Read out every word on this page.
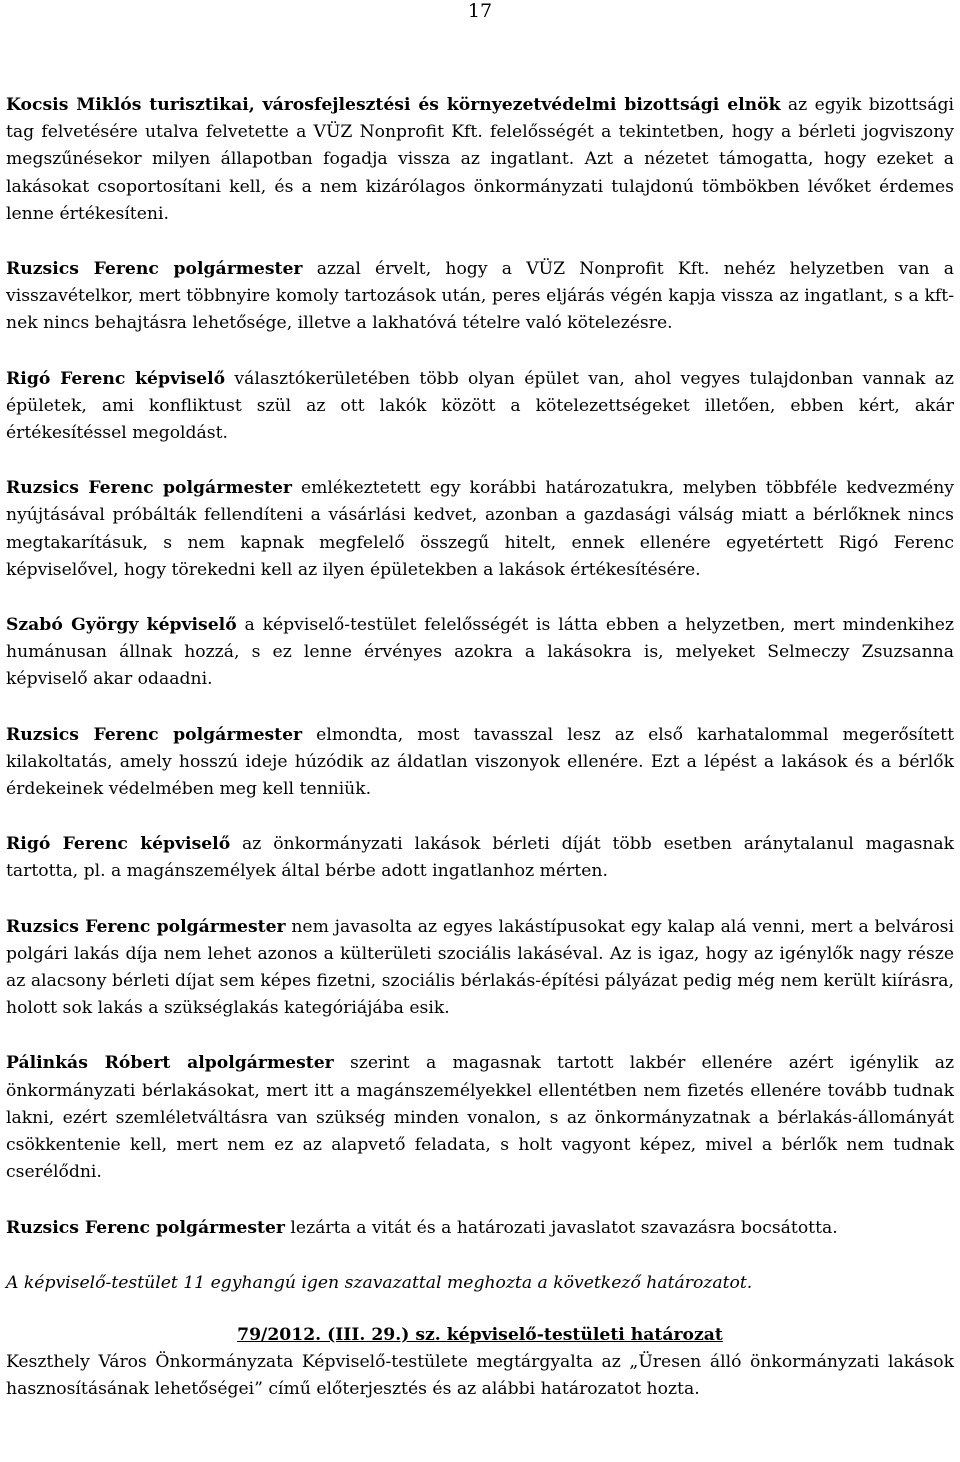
17

Kocsis Miklós turisztikai, városfejlesztési és környezetvédelmi bizottsági elnök az egyik bizottsági tag felvetésére utalva felvetette a VÜZ Nonprofit Kft. felelősségét a tekintetben, hogy a bérleti jogviszony megszűnésekor milyen állapotban fogadja vissza az ingatlant. Azt a nézetet támogatta, hogy ezeket a lakásokat csoportosítani kell, és a nem kizárólagos önkormányzati tulajdonú tömbökben lévőket érdemes lenne értékesíteni.

Ruzsics Ferenc polgármester azzal érvelt, hogy a VÜZ Nonprofit Kft. nehéz helyzetben van a visszavételkor, mert többnyire komoly tartozások után, peres eljárás végén kapja vissza az ingatlant, s a kft-nek nincs behajtásra lehetősége, illetve a lakhatóvá tételre való kötelezésre.

Rigó Ferenc képviselő választókerületében több olyan épület van, ahol vegyes tulajdonban vannak az épületek, ami konfliktust szül az ott lakók között a kötelezettségeket illetően, ebben kért, akár értékesítéssel megoldást.

Ruzsics Ferenc polgármester emlékeztetett egy korábbi határozatukra, melyben többféle kedvezmény nyújtásával próbálták fellendíteni a vásárlási kedvet, azonban a gazdasági válság miatt a bérlőknek nincs megtakarításuk, s nem kapnak megfelelő összegű hitelt, ennek ellenére egyetértett Rigó Ferenc képviselővel, hogy törekedni kell az ilyen épületekben a lakások értékesítésére.

Szabó György képviselő a képviselő-testület felelősségét is látta ebben a helyzetben, mert mindenkihez humánusan állnak hozzá, s ez lenne érvényes azokra a lakásokra is, melyeket Selmeczy Zsuzsanna képviselő akar odaadni.

Ruzsics Ferenc polgármester elmondta, most tavasszal lesz az első karhatalommal megerősített kilakoltatás, amely hosszú ideje húzódik az áldatlan viszonyok ellenére. Ezt a lépést a lakások és a bérlők érdekeinek védelmében meg kell tenniük.

Rigó Ferenc képviselő az önkormányzati lakások bérleti díját több esetben aránytalanul magasnak tartotta, pl. a magánszemélyek által bérbe adott ingatlanhoz mérten.

Ruzsics Ferenc polgármester nem javasolta az egyes lakástípusokat egy kalap alá venni, mert a belvárosi polgári lakás díja nem lehet azonos a külterületi szociális lakáséval. Az is igaz, hogy az igénylők nagy része az alacsony bérleti díjat sem képes fizetni, szociális bérlakás-építési pályázat pedig még nem került kiírásra, holott sok lakás a szükséglakás kategóriájába esik.

Pálinkás Róbert alpolgármester szerint a magasnak tartott lakbér ellenére azért igénylik az önkormányzati bérlakásokat, mert itt a magánszemélyekkel ellentétben nem fizetés ellenére tovább tudnak lakni, ezért szemléletváltásra van szükség minden vonalon, s az önkormányzatnak a bérlakás-állományát csökkentenie kell, mert nem ez az alapvető feladata, s holt vagyont képez, mivel a bérlők nem tudnak cserélődni.

Ruzsics Ferenc polgármester lezárta a vitát és a határozati javaslatot szavazásra bocsátotta.

A képviselő-testület 11 egyhangú igen szavazattal meghozta a következő határozatot.

79/2012. (III. 29.) sz. képviselő-testületi határozat

Keszthely Város Önkormányzata Képviselő-testülete megtárgyalta az „Üresen álló önkormányzati lakások hasznosításának lehetőségei” című előterjesztés és az alábbi határozatot hozta.
